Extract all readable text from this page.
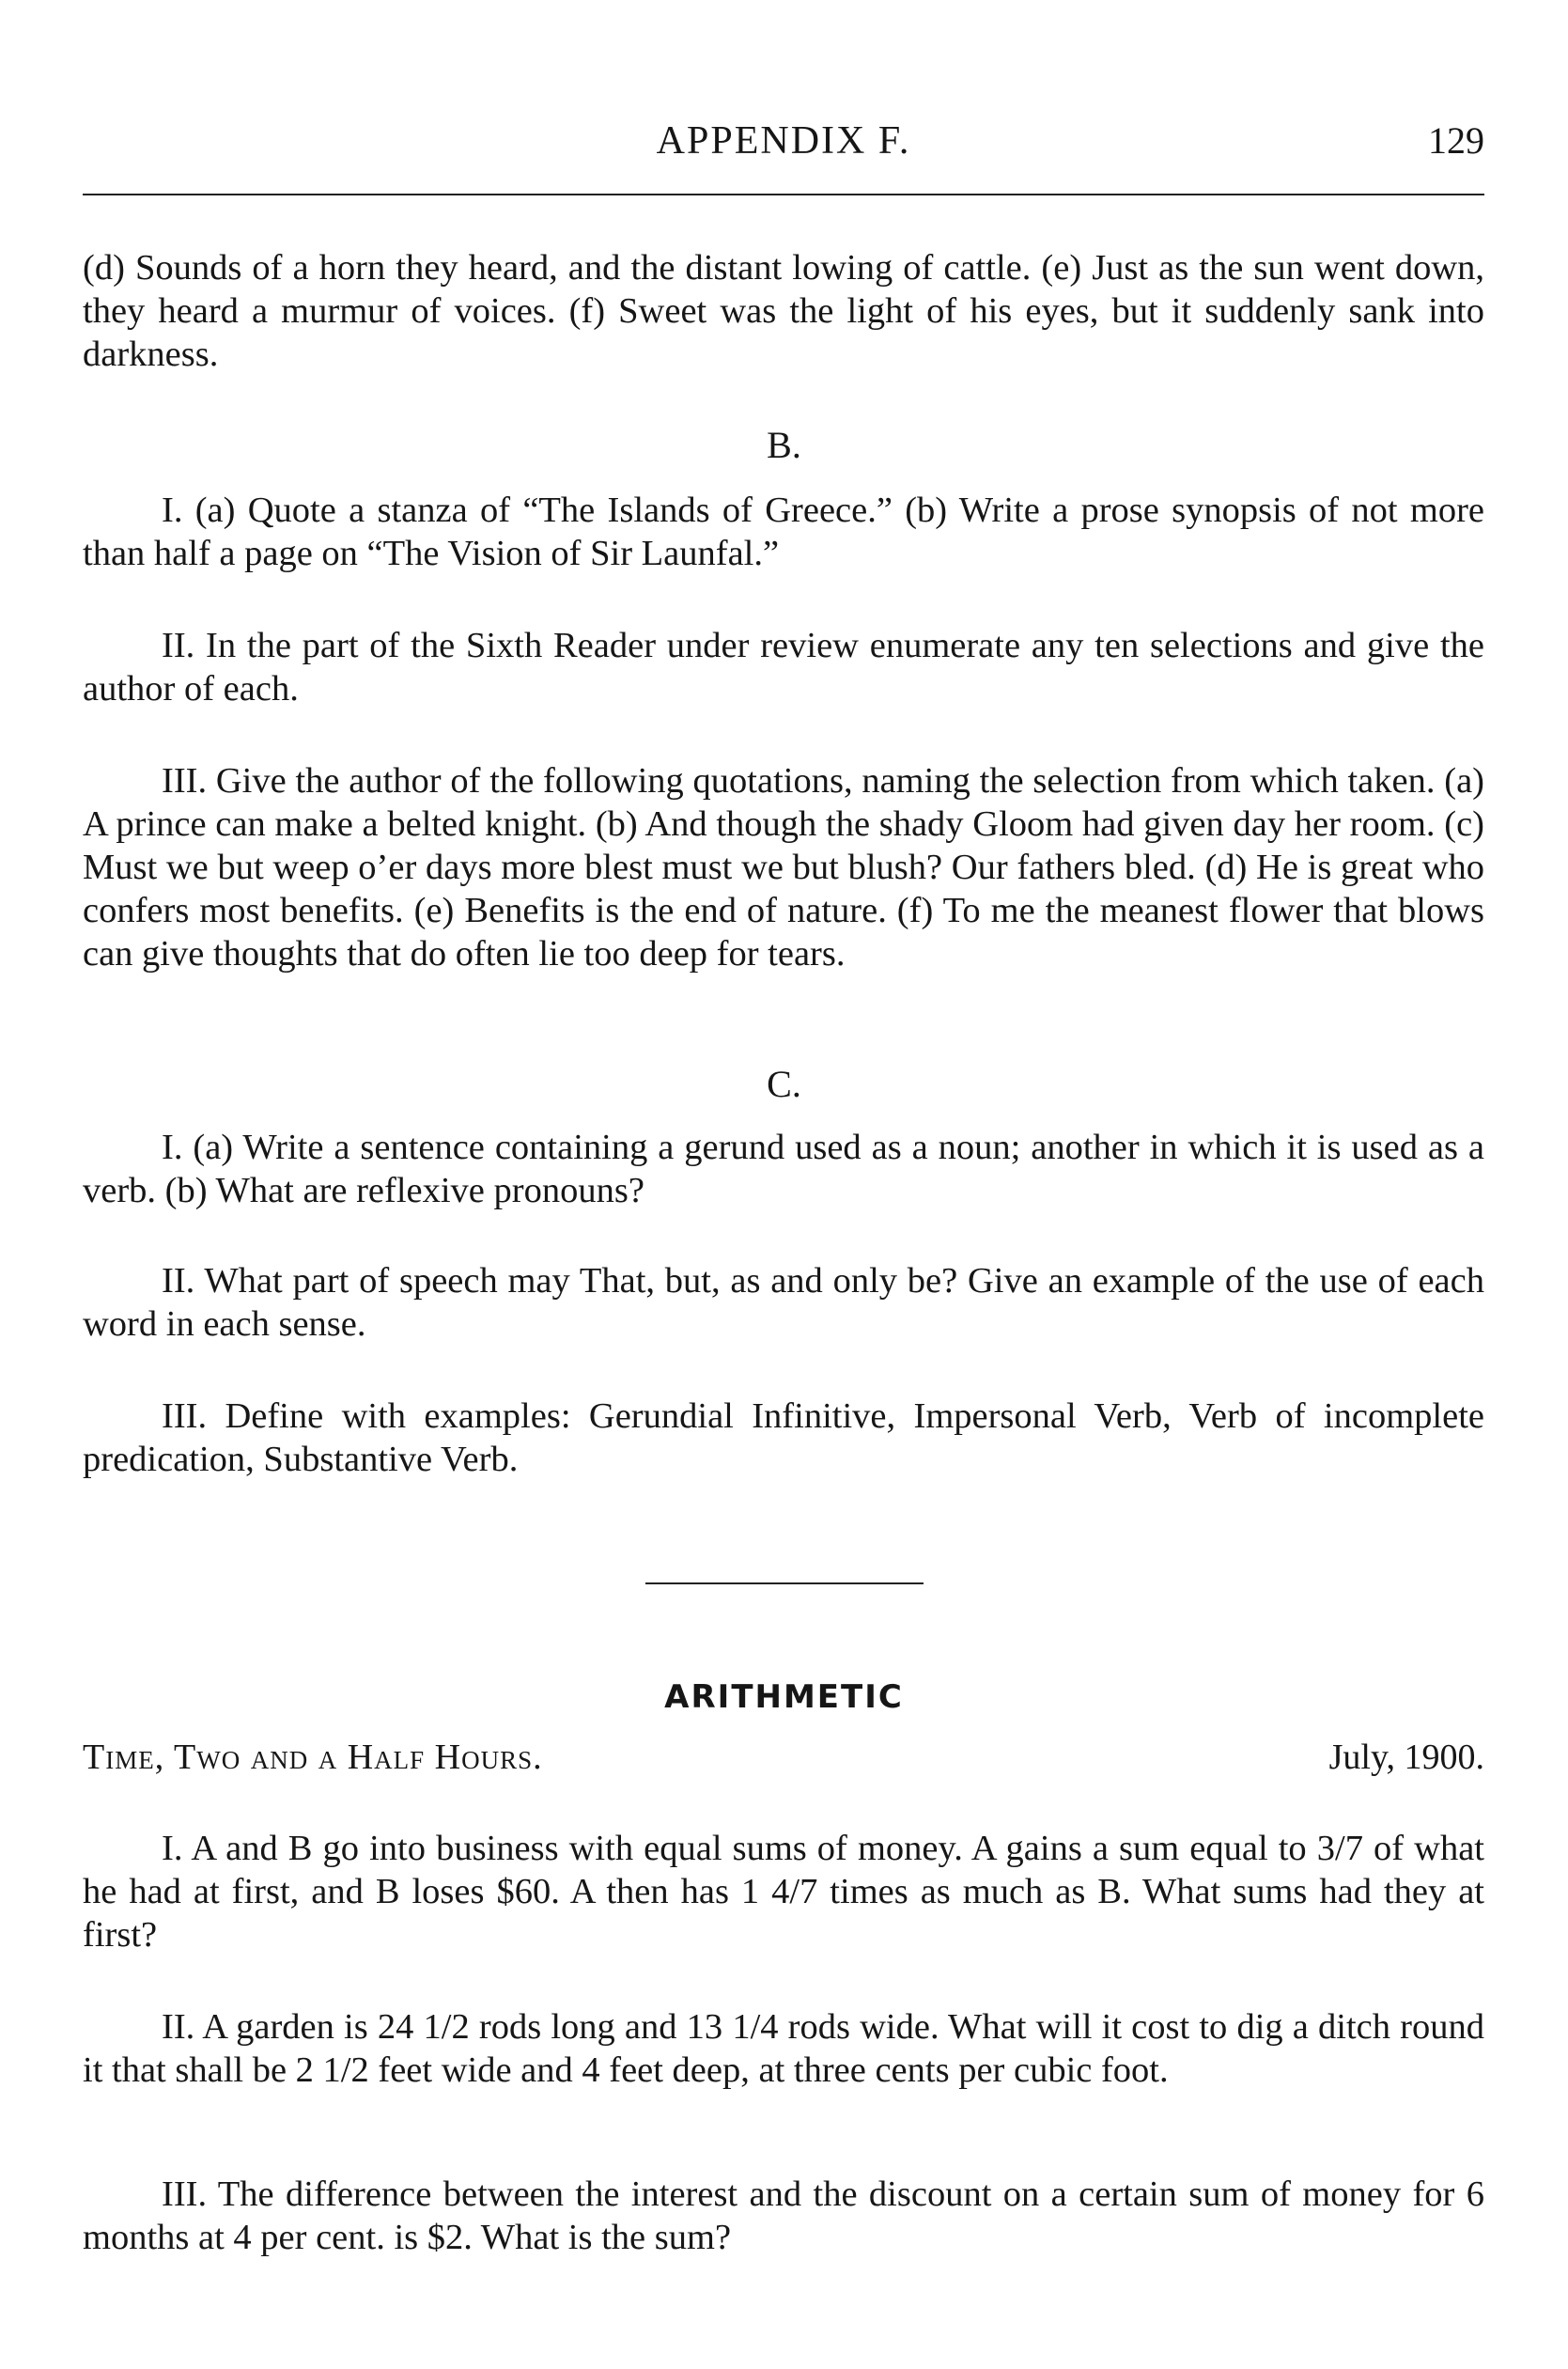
APPENDIX F.	129
(d) Sounds of a horn they heard, and the distant lowing of cattle. (e) Just as the sun went down, they heard a murmur of voices. (f) Sweet was the light of his eyes, but it suddenly sank into darkness.
B.
I. (a) Quote a stanza of “The Islands of Greece.” (b) Write a prose synopsis of not more than half a page on “The Vision of Sir Launfal.”
II. In the part of the Sixth Reader under review enumerate any ten selections and give the author of each.
III. Give the author of the following quotations, naming the selection from which taken. (a) A prince can make a belted knight. (b) And though the shady Gloom had given day her room. (c) Must we but weep o’er days more blest must we but blush? Our fathers bled. (d) He is great who confers most benefits. (e) Benefits is the end of nature. (f) To me the meanest flower that blows can give thoughts that do often lie too deep for tears.
C.
I. (a) Write a sentence containing a gerund used as a noun; another in which it is used as a verb. (b) What are reflexive pronouns?
II. What part of speech may That, but, as and only be? Give an example of the use of each word in each sense.
III. Define with examples: Gerundial Infinitive, Impersonal Verb, Verb of incomplete predication, Substantive Verb.
ARITHMETIC
Time, Two and a Half Hours.	July, 1900.
I. A and B go into business with equal sums of money. A gains a sum equal to 3/7 of what he had at first, and B loses $60. A then has 1 4/7 times as much as B. What sums had they at first?
II. A garden is 24 1/2 rods long and 13 1/4 rods wide. What will it cost to dig a ditch round it that shall be 2 1/2 feet wide and 4 feet deep, at three cents per cubic foot.
III. The difference between the interest and the discount on a certain sum of money for 6 months at 4 per cent. is $2. What is the sum?
